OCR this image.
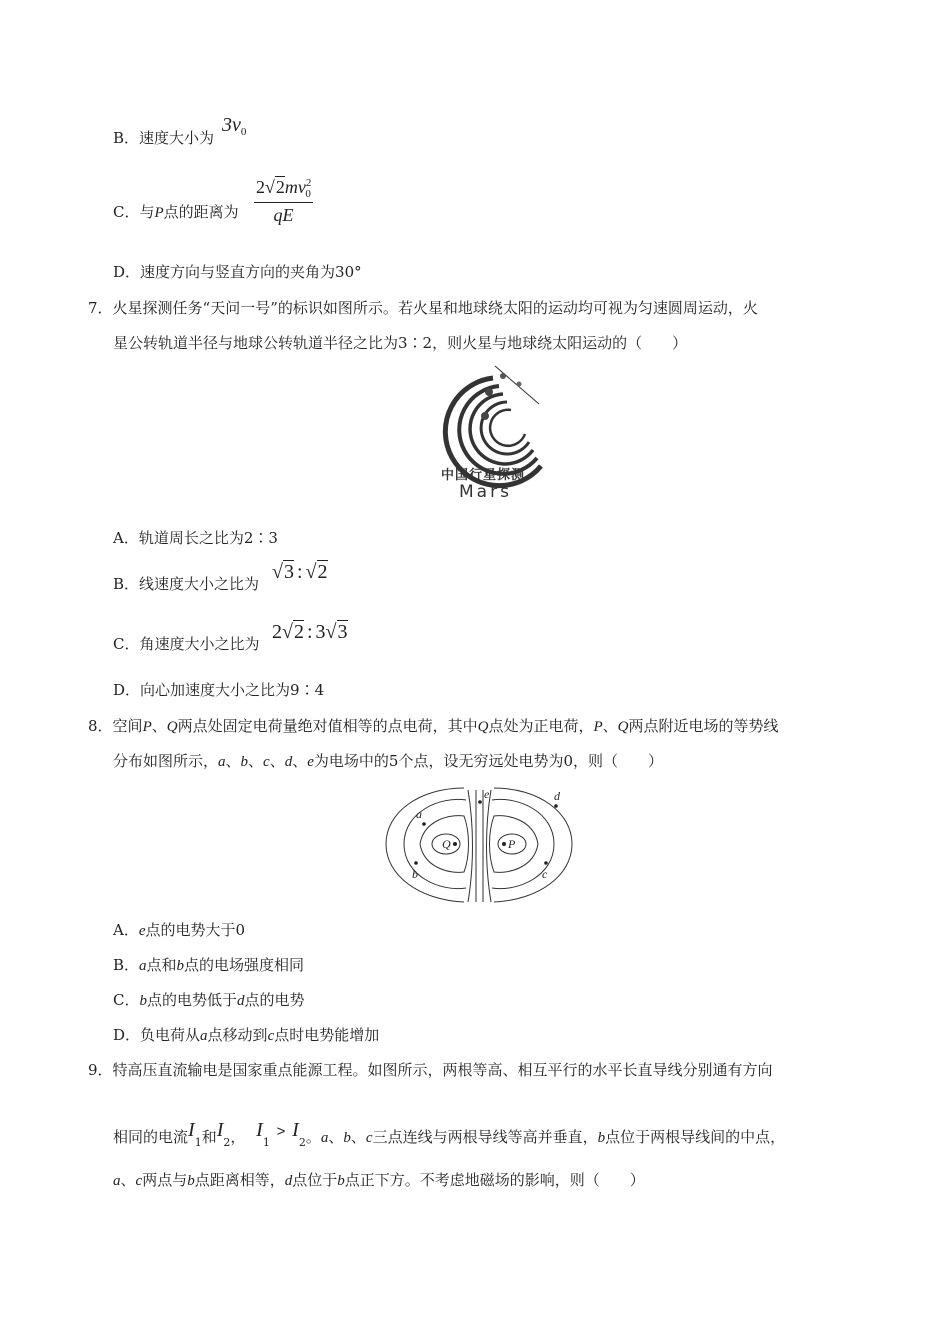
B．速度大小为
$3v_0$
C．与P点的距离为 $\frac{2√2mv^2_0}{qE}$
D．速度方向与竖直方向的夹角为30°
7．火星探测任务“天问一号”的标识如图所示。若火星和地球绕太阳的运动均可视为匀速圆周运动，火
星公转轨道半径与地球公转轨道半径之比为3∶2，则火星与地球绕太阳运动的（　　）
中国行星探测
Mars
A．轨道周长之比为2∶3
B．线速度大小之比为
√3 : √2
C．角速度大小之比为
2√2 : 3√3
D．向心加速度大小之比为9∶4
8．空间P、Q两点处固定电荷量绝对值相等的点电荷，其中Q点处为正电荷，P、Q两点附近电场的等势线
分布如图所示，a、b、c、d、e为电场中的5个点，设无穷远处电势为0，则（　　）
a
b	c
d
e
Q	P
A．e点的电势大于0
B．a点和b点的电场强度相同
C．b点的电势低于d点的电势
D．负电荷从a点移动到c点时电势能增加
9．特高压直流输电是国家重点能源工程。如图所示，两根等高、相互平行的水平长直导线分别通有方向
相同的电流$I_1$和$I_2$， $I_1 > I_2$。a、b、c三点连线与两根导线等高并垂直，b点位于两根导线间的中点，
a、c两点与b点距离相等，d点位于b点正下方。不考虑地磁场的影响，则（　　）
